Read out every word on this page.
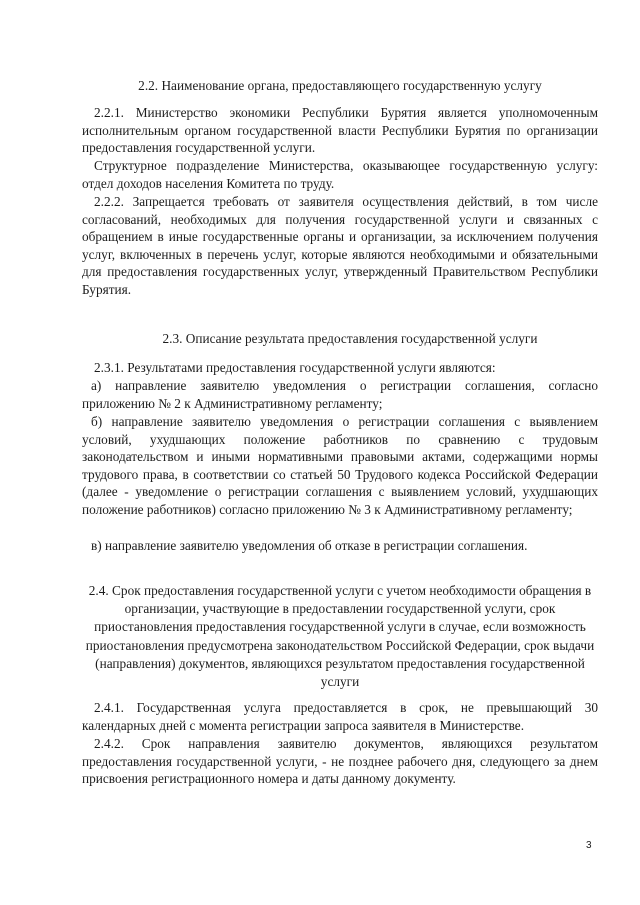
2.2. Наименование органа, предоставляющего государственную услугу

2.2.1. Министерство экономики Республики Бурятия является уполномоченным исполнительным органом государственной власти Республики Бурятия по организации предоставления государственной услуги.

Структурное подразделение Министерства, оказывающее государственную услугу: отдел доходов населения Комитета по труду.

2.2.2. Запрещается требовать от заявителя осуществления действий, в том числе согласований, необходимых для получения государственной услуги и связанных с обращением в иные государственные органы и организации, за исключением получения услуг, включенных в перечень услуг, которые являются необходимыми и обязательными для предоставления государственных услуг, утвержденный Правительством Республики Бурятия.

2.3. Описание результата предоставления государственной услуги

2.3.1. Результатами предоставления государственной услуги являются:

а) направление заявителю уведомления о регистрации соглашения, согласно приложению № 2 к Административному регламенту;

б) направление заявителю уведомления о регистрации соглашения с выявлением условий, ухудшающих положение работников по сравнению с трудовым законодательством и иными нормативными правовыми актами, содержащими нормы трудового права, в соответствии со статьей 50 Трудового кодекса Российской Федерации (далее - уведомление о регистрации соглашения с выявлением условий, ухудшающих положение работников) согласно приложению № 3 к Административному регламенту;

в) направление заявителю уведомления об отказе в регистрации соглашения.

2.4. Срок предоставления государственной услуги с учетом необходимости обращения в организации, участвующие в предоставлении государственной услуги, срок приостановления предоставления государственной услуги в случае, если возможность приостановления предусмотрена законодательством Российской Федерации, срок выдачи (направления) документов, являющихся результатом предоставления государственной услуги

2.4.1. Государственная услуга предоставляется в срок, не превышающий 30 календарных дней с момента регистрации запроса заявителя в Министерстве.

2.4.2. Срок направления заявителю документов, являющихся результатом предоставления государственной услуги, - не позднее рабочего дня, следующего за днем присвоения регистрационного номера и даты данному документу.

3
